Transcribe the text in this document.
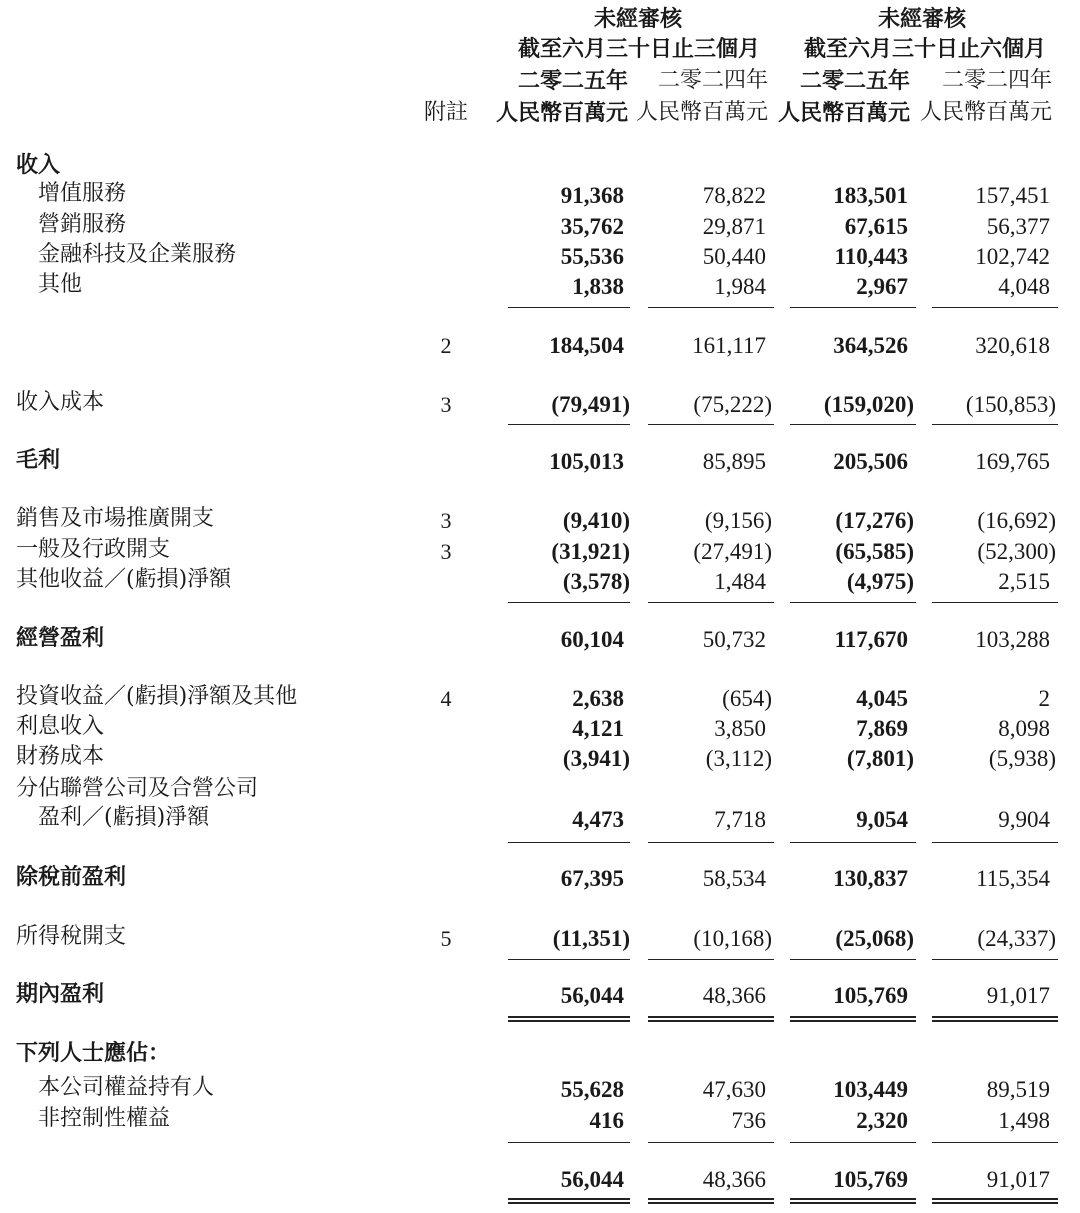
未經審核
截至六月三十日止三個月
未經審核
截至六月三十日止六個月
二零二五年 二零二四年 二零二五年 二零二四年
附註 人民幣百萬元 人民幣百萬元 人民幣百萬元 人民幣百萬元
收入
增值服務	91,368	78,822	183,501	157,451
營銷服務	35,762	29,871	67,615	56,377
金融科技及企業服務	55,536	50,440	110,443	102,742
其他	1,838	1,984	2,967	4,048
2	184,504	161,117	364,526	320,618
收入成本	3	(79,491)	(75,222) (159,020) (150,853)
毛利	105,013	85,895	205,506	169,765
銷售及市場推廣開支	3	(9,410)	(9,156)	(17,276)	(16,692)
一般及行政開支	3	(31,921)	(27,491)	(65,585)	(52,300)
其他收益／(虧損)淨額	(3,578)	1,484	(4,975)	2,515
經營盈利	60,104	50,732	117,670	103,288
投資收益／(虧損)淨額及其他	4	2,638	(654)	4,045	2
利息收入	4,121	3,850	7,869	8,098
財務成本	(3,941)	(3,112)	(7,801)	(5,938)
分佔聯營公司及合營公司
盈利／(虧損)淨額	4,473	7,718	9,054	9,904
除稅前盈利	67,395	58,534	130,837	115,354
所得稅開支	5	(11,351)	(10,168)	(25,068)	(24,337)
期內盈利	56,044	48,366	105,769	91,017
下列人士應佔：
本公司權益持有人	55,628	47,630	103,449	89,519
非控制性權益	416	736	2,320	1,498
56,044	48,366	105,769	91,017
